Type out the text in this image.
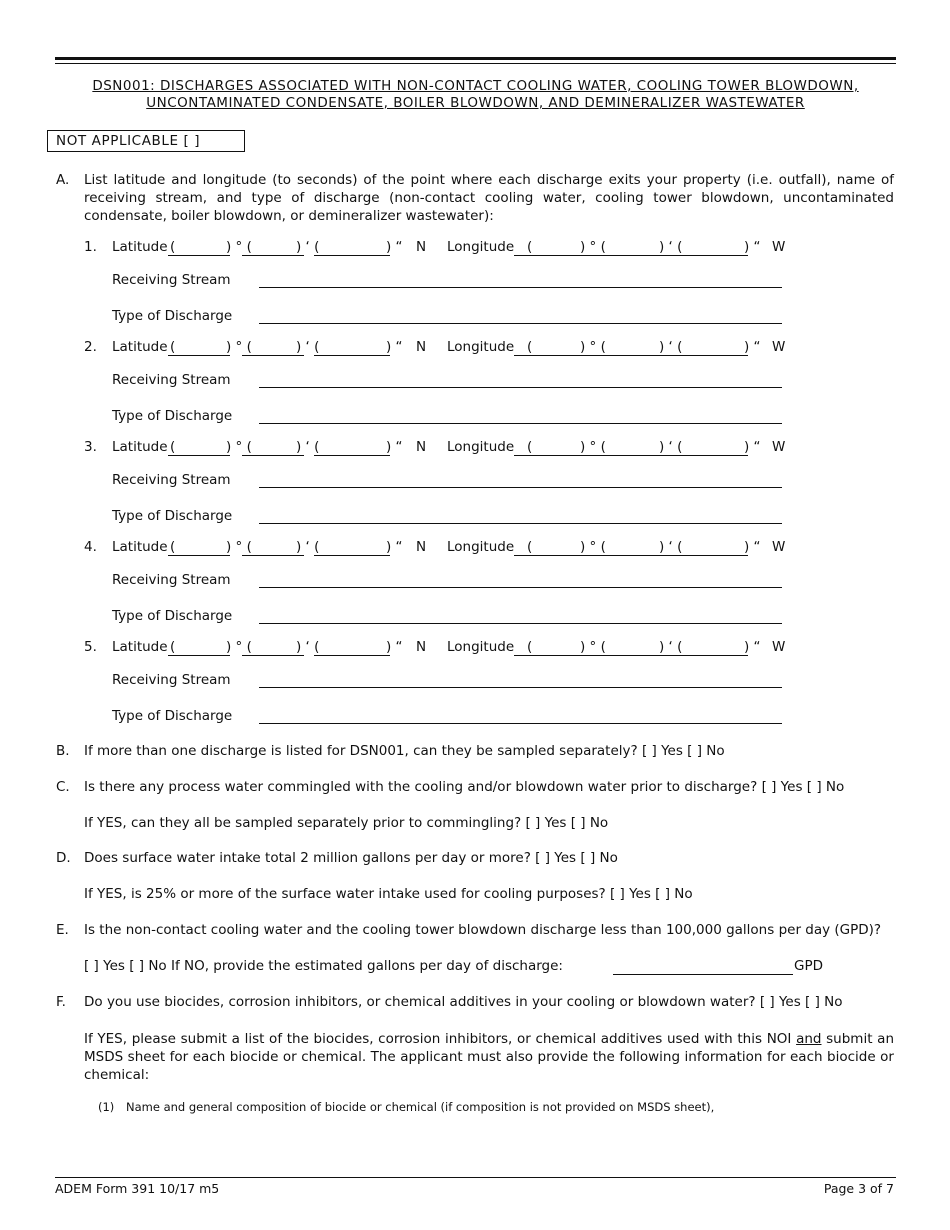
DSN001: DISCHARGES ASSOCIATED WITH NON-CONTACT COOLING WATER, COOLING TOWER BLOWDOWN,
UNCONTAMINATED CONDENSATE, BOILER BLOWDOWN, AND DEMINERALIZER WASTEWATER
NOT APPLICABLE [ ]
A. List latitude and longitude (to seconds) of the point where each discharge exits your property (i.e. outfall), name of receiving stream, and type of discharge (non-contact cooling water, cooling tower blowdown, uncontaminated condensate, boiler blowdown, or demineralizer wastewater):
1. Latitude (	) ° (	) ‘ (	) “ N Longitude (	) ° (	) ‘ (	) “ W
Receiving Stream
Type of Discharge
2. Latitude (	) ° (	) ‘ (	) “ N Longitude (	) ° (	) ‘ (	) “ W
Receiving Stream
Type of Discharge
3. Latitude (	) ° (	) ‘ (	) “ N Longitude (	) ° (	) ‘ (	) “ W
Receiving Stream
Type of Discharge
4. Latitude (	) ° (	) ‘ (	) “ N Longitude (	) ° (	) ‘ (	) “ W
Receiving Stream
Type of Discharge
5. Latitude (	) ° (	) ‘ (	) “ N Longitude (	) ° (	) ‘ (	) “ W
Receiving Stream
Type of Discharge
B. If more than one discharge is listed for DSN001, can they be sampled separately? [ ] Yes [ ] No
C. Is there any process water commingled with the cooling and/or blowdown water prior to discharge? [ ] Yes [ ] No
If YES, can they all be sampled separately prior to commingling? [ ] Yes [ ] No
D. Does surface water intake total 2 million gallons per day or more? [ ] Yes [ ] No
If YES, is 25% or more of the surface water intake used for cooling purposes? [ ] Yes [ ] No
E. Is the non-contact cooling water and the cooling tower blowdown discharge less than 100,000 gallons per day (GPD)?
[ ] Yes [ ] No If NO, provide the estimated gallons per day of discharge:	GPD
F. Do you use biocides, corrosion inhibitors, or chemical additives in your cooling or blowdown water? [ ] Yes [ ] No
If YES, please submit a list of the biocides, corrosion inhibitors, or chemical additives used with this NOI and submit an MSDS sheet for each biocide or chemical. The applicant must also provide the following information for each biocide or chemical:
(1) Name and general composition of biocide or chemical (if composition is not provided on MSDS sheet),
ADEM Form 391 10/17 m5	Page 3 of 7
